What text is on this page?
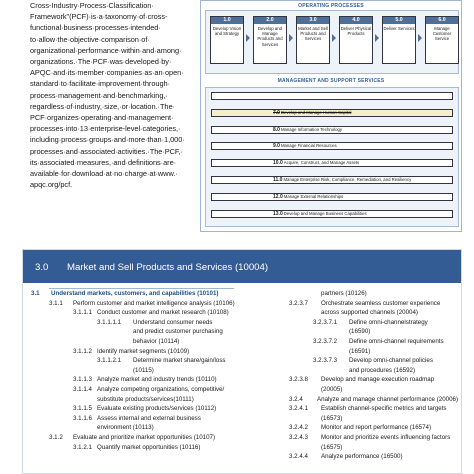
Cross-Industry·Process·Classification·
Framework"(PCF)·is·a·taxonomy·of·cross-
functional·business·processes·intended·
to·allow·the·objective·comparison·of·
organizational·performance·within·and·among·
organizations.·The·PCF·was·developed·by·
APQC·and·its·member·companies·as·an·open·
standard·to·facilitate·improvement·through·
process·management·and·benchmarking,·
regardless·of·industry,·size,·or·location.·The·
PCF·organizes·operating·and·management·
processes·into·13·enterprise-level·categories,·
including·process·groups·and·more·than·1,000·
processes·and·associated·activities.·The·PCF,·
its·associated·measures,·and·definitions·are·
available·for·download·at·no·charge·at·www.·
apqc.org/pcf.
OPERATING PROCESSES
1.0
Develop Vision and Strategy
2.0
Develop and Manage Products and Services
3.0
Market and Sell Products and Services
4.0
Deliver Physical Products
5.0
Deliver Services
6.0
Manage Customer Service
MANAGEMENT AND SUPPORT SERVICES
7.0Develop and Manage Human Capital
8.0Manage Information Technology
9.0Manage Financial Resources
10.0Acquire, Construct, and Manage Assets
11.0Manage Enterprise Risk, Compliance, Remediation, and Resiliency
12.0Manage External Relationships
13.0Develop and Manage Business Capabilities
3.0 Market and Sell Products and Services (10004)
3.1 Understand markets, customers, and capabilities (10101)
3.1.1 Perform customer and market intelligence analysis (10106)
3.1.1.1 Conduct customer and market research (10108)
3.1.1.1.1 Understand consumer needs
and predict customer purchasing
behavior (10114)
3.1.1.2 Identify market segments (10109)
3.1.1.2.1 Determine market share/gain/loss
(10115)
3.1.1.3 Analyze market and industry trends (10110)
3.1.1.4 Analyze competing organizations, competitive/
substitute products/services(10111)
3.1.1.5 Evaluate existing products/services (10112)
3.1.1.6 Assess internal and external business
environment (10113)
3.1.2 Evaluate and prioritize market opportunities (10107)
3.1.2.1 Quantify market opportunities (10116)
partners (10126)
3.2.3.7 Orchestrate seamless customer experience
across supported channels (20004)
3.2.3.7.1 Define omni-channelstrategy
(16590)
3.2.3.7.2 Define omni-channel requirements
(16591)
3.2.3.7.3 Develop omni-channel policies
and procedures (16592)
3.2.3.8 Develop and manage execution roadmap
(20005)
3.2.4 Analyze and manage channel performance (20006)
3.2.4.1 Establish channel-specific metrics and targets
(16573)
3.2.4.2 Monitor and report performance (16574)
3.2.4.3 Monitor and prioritize events influencing factors
(16575)
3.2.4.4 Analyze performance (16500)
